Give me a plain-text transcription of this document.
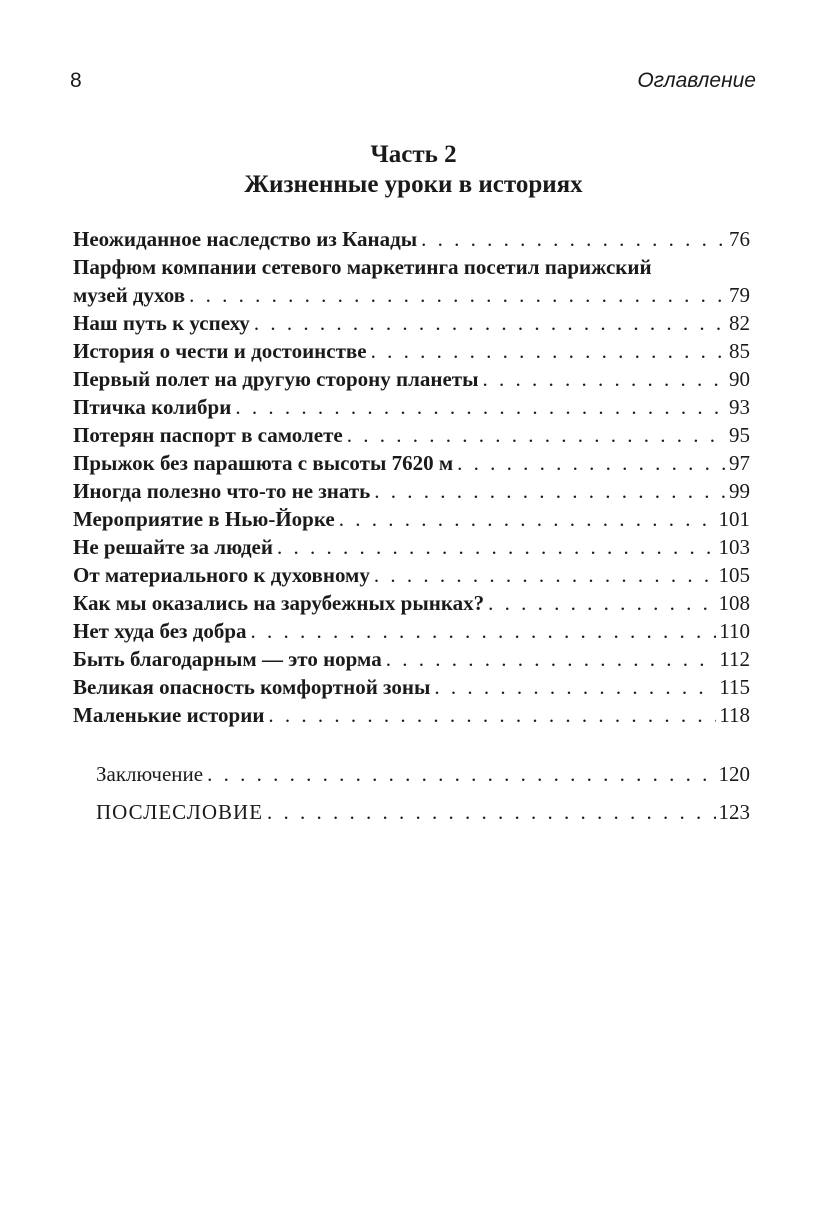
8	Оглавление
Часть 2
Жизненные уроки в историях
Неожиданное наследство из Канады . . .	76
Парфюм компании сетевого маркетинга посетил парижский
музей духов . . .	79
Наш путь к успеху . . .	82
История о чести и достоинстве . . .	85
Первый полет на другую сторону планеты . . .	90
Птичка колибри . . .	93
Потерян паспорт в самолете . . .	95
Прыжок без парашюта с высоты 7620 м . . .	97
Иногда полезно что-то не знать . . .	99
Мероприятие в Нью-Йорке . . .	101
Не решайте за людей . . .	103
От материального к духовному . . .	105
Как мы оказались на зарубежных рынках? . . .	108
Нет худа без добра . . .	110
Быть благодарным — это норма . . .	112
Великая опасность комфортной зоны . . .	115
Маленькие истории . . .	118
Заключение . . .	120
ПОСЛЕСЛОВИЕ . . .	123
